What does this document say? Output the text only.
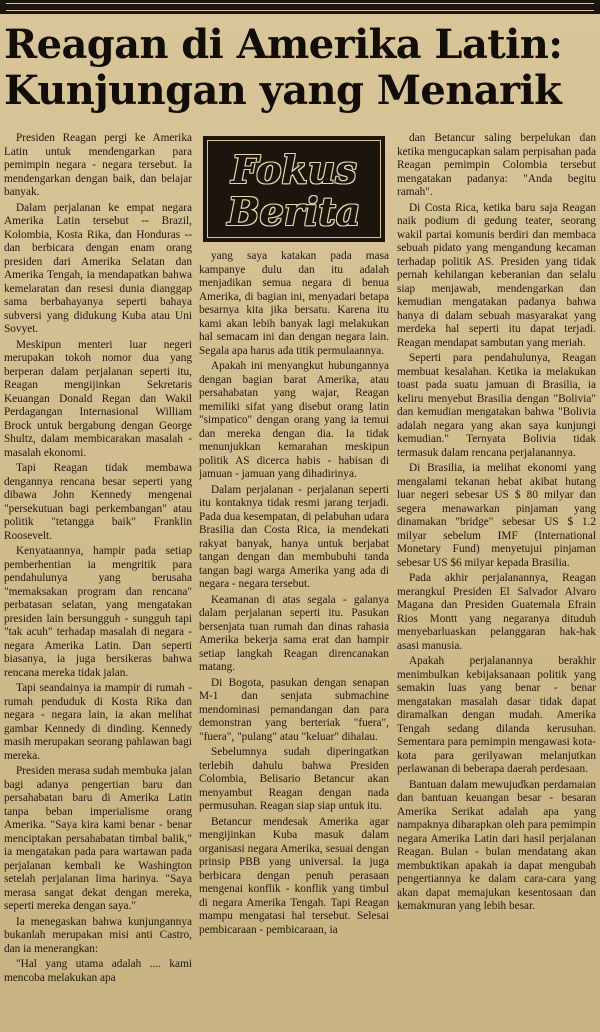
Reagan di Amerika Latin:
Kunjungan yang Menarik

Presiden Reagan pergi ke Amerika Latin untuk mendengarkan para pemimpin negara - negara tersebut. Ia mendengarkan dengan baik, dan belajar banyak.

Dalam perjalanan ke empat negara Amerika Latin tersebut -- Brazil, Kolombia, Kosta Rika, dan Honduras -- dan berbicara dengan enam orang presiden dari Amerika Selatan dan Amerika Tengah, ia mendapatkan bahwa kemelaratan dan resesi dunia dianggap sama berbahayanya seperti bahaya subversi yang didukung Kuba atau Uni Sovyet.

Meskipun menteri luar negeri merupakan tokoh nomor dua yang berperan dalam perjalanan seperti itu, Reagan mengijinkan Sekretaris Keuangan Donald Regan dan Wakil Perdagangan Internasional William Brock untuk bergabung dengan George Shultz, dalam membicarakan masalah - masalah ekonomi.

Tapi Reagan tidak membawa dengannya rencana besar seperti yang dibawa John Kennedy mengenai "persekutuan bagi perkembangan" atau politik "tetangga baik" Franklin Roosevelt.

Kenyataannya, hampir pada setiap pemberhentian ia mengritik para pendahulunya yang berusaha "memaksakan program dan rencana" perbatasan selatan, yang mengatakan presiden lain bersungguh - sungguh tapi "tak acuh" terhadap masalah di negara - negara Amerika Latin. Dan seperti biasanya, ia juga bersikeras bahwa rencana mereka tidak jalan.

Tapi seandainya ia mampir di rumah - rumah penduduk di Kosta Rika dan negara - negara lain, ia akan melihat gambar Kennedy di dinding. Kennedy masih merupakan seorang pahlawan bagi mereka.

Presiden merasa sudah membuka jalan bagi adanya pengertian baru dan persahabatan baru di Amerika Latin tanpa beban imperialisme orang Amerika. "Saya kira kami benar - benar menciptakan persahabatan timbal balik," ia mengatakan pada para wartawan pada perjalanan kembali ke Washington setelah perjalanan lima harinya. "Saya merasa sangat dekat dengan mereka, seperti mereka dengan saya."

Ia menegaskan bahwa kunjungannya bukanlah merupakan misi anti Castro, dan ia menerangkan:

"Hal yang utama adalah .... kami mencoba melakukan apa

Fokus
Berita

yang saya katakan pada masa kampanye dulu dan itu adalah menjadikan semua negara di benua Amerika, di bagian ini, menyadari betapa besarnya kita jika bersatu. Karena itu kami akan lebih banyak lagi melakukan hal semacam ini dan dengan negara lain. Segala apa harus ada titik permulaannya.

Apakah ini menyangkut hubungannya dengan bagian barat Amerika, atau persahabatan yang wajar, Reagan memiliki sifat yang disebut orang latin "simpatico" dengan orang yang ia temui dan mereka dengan dia. Ia tidak menunjukkan kemarahan meskipun politik AS dicerca habis - habisan di jamuan - jamuan yang dihadirinya.

Dalam perjalanan - perjalanan seperti itu kontaknya tidak resmi jarang terjadi. Pada dua kesempatan, di pelabuhan udara Brasilia dan Costa Rica, ia mendekati rakyat banyak, hanya untuk berjabat tangan dengan dan membubuhi tanda tangan bagi warga Amerika yang ada di negara - negara tersebut.

Keamanan di atas segala - galanya dalam perjalanan seperti itu. Pasukan bersenjata tuan rumah dan dinas rahasia Amerika bekerja sama erat dan hampir setiap langkah Reagan direncanakan matang.

Di Bogota, pasukan dengan senapan M-1 dan senjata submachine mendominasi pemandangan dan para demonstran yang berteriak "fuera", "fuera", "pulang" atau "keluar" dihalau.

Sebelumnya sudah diperingatkan terlebih dahulu bahwa Presiden Colombia, Belisario Betancur akan menyambut Reagan dengan nada permusuhan. Reagan siap siap untuk itu.

Betancur mendesak Amerika agar mengijinkan Kuba masuk dalam organisasi negara Amerika, sesuai dengan prinsip PBB yang universal. Ia juga berbicara dengan penuh perasaan mengenai konflik - konflik yang timbul di negara Amerika Tengah. Tapi Reagan mampu mengatasi hal tersebut. Selesai pembicaraan - pembicaraan, ia

dan Betancur saling berpelukan dan ketika mengucapkan salam perpisahan pada Reagan pemimpin Colombia tersebut mengatakan padanya: "Anda begitu ramah".

Di Costa Rica, ketika baru saja Reagan naik podium di gedung teater, seorang wakil partai komunis berdiri dan membaca sebuah pidato yang mengandung kecaman terhadap politik AS. Presiden yang tidak pernah kehilangan keberanian dan selalu siap menjawab, mendengarkan dan kemudian mengatakan padanya bahwa hanya di dalam sebuah masyarakat yang merdeka hal seperti itu dapat terjadi. Reagan mendapat sambutan yang meriah.

Seperti para pendahulunya, Reagan membuat kesalahan. Ketika ia melakukan toast pada suatu jamuan di Brasilia, ia keliru menyebut Brasilia dengan "Bolivia" dan kemudian mengatakan bahwa "Bolivia adalah negara yang akan saya kunjungi kemudian." Ternyata Bolivia tidak termasuk dalam rencana perjalanannya.

Di Brasilia, ia melihat ekonomi yang mengalami tekanan hebat akibat hutang luar negeri sebesar US $ 80 milyar dan segera menawarkan pinjaman yang dinamakan "bridge" sebesar US $ 1.2 milyar sebelum IMF (International Monetary Fund) menyetujui pinjaman sebesar US $6 milyar kepada Brasilia.

Pada akhir perjalanannya, Reagan merangkul Presiden El Salvador Alvaro Magana dan Presiden Guatemala Efrain Rios Montt yang negaranya dituduh menyebarluaskan pelanggaran hak-hak asasi manusia.

Apakah perjalanannya berakhir menimbulkan kebijaksanaan politik yang semakin luas yang benar - benar mengatakan masalah dasar tidak dapat diramalkan dengan mudah. Amerika Tengah sedang dilanda kerusuhan. Sementara para pemimpin mengawasi kota-kota para gerilyawan melanjutkan perlawanan di beberapa daerah perdesaan.

Bantuan dalam mewujudkan perdamaian dan bantuan keuangan besar - besaran Amerika Serikat adalah apa yang nampaknya diharapkan oleh para pemimpin negara Amerika Latin dari hasil perjalanan Reagan. Bulan - bulan mendatang akan membuktikan apakah ia dapat mengubah pengertiannya ke dalam cara-cara yang akan dapat memajukan kesentosaan dan kemakmuran yang lebih besar.
